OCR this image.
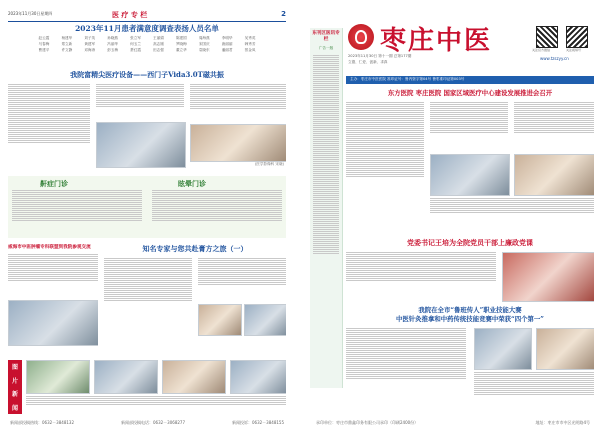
2023年11月30日星期四	医 疗 专 栏	2
2023年11月患者满意度调查表扬人员名单
赵云霞	杨建华	刘子英	孙晓燕	张立军	王丽娟	陈建国	周海燕	李明华	吴秀英
马春梅	郑立新	黄建军	冯丽华	何玉兰	高志刚	罗晓梅	宋国庆	唐丽丽	韩秀芳
曹建平	许文静	邓海涛	彭玉梅	萧红霞	田志强	董立华	袁晓东	潘丽君	蔡金凤
我院富精尖医疗设备——西门子Vida3.0T磁共振
(医学影像科 宋晓)
鼾症门诊	眩晕门诊
威海市中医肿瘤专科联盟到我院参观交流	知名专家与您共赴膏方之旅（一）
图
片
新
闻
新闻部投稿热线：0632－3848132	新闻部投稿电话：0632－3068277	新闻投诉：0632－3848155
东刊区医讯专栏
广告一版	枣庄中医
2023年11月30日 第十一期 总第177期
立德、仁爱、创新、求真
关注官方微信	关注视频号
www.tzszyy.cn
主办：枣庄市中医医院 准印证号：鲁内资字第04号 鲁枣准印证第003号
东方医院 枣庄医院 国家区域医疗中心建设发展推进会召开
党委书记王培为全院党员干部上廉政党课
我院在全市“鲁班传人”职业技能大赛
中医针灸推拿和中药传统技能竞赛中荣获“四个第一”
承印单位：枣庄市鼎鑫印务有限公司承印（印刷2400份）	地址：枣庄市市中区光明路4号
